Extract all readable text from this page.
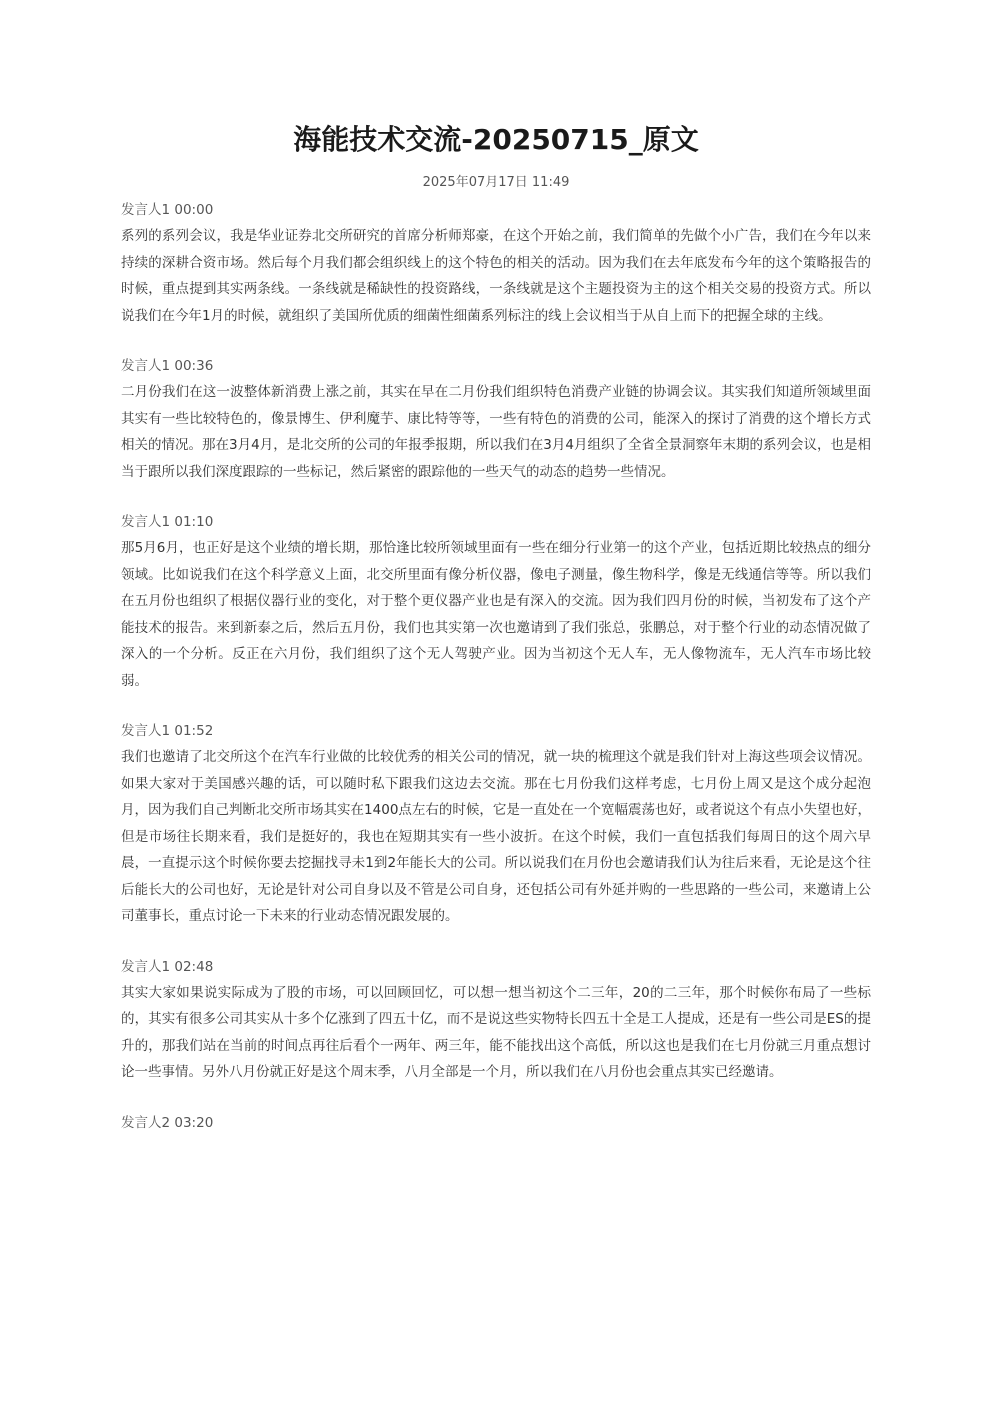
海能技术交流-20250715_原文
2025年07月17日 11:49
发言人1 00:00

系列的系列会议，我是华业证券北交所研究的首席分析师郑豪，在这个开始之前，我们简单的先做个小广告，我们在今年以来持续的深耕合资市场。然后每个月我们都会组织线上的这个特色的相关的活动。因为我们在去年底发布今年的这个策略报告的时候，重点提到其实两条线。一条线就是稀缺性的投资路线，一条线就是这个主题投资为主的这个相关交易的投资方式。所以说我们在今年1月的时候，就组织了美国所优质的细菌性细菌系列标注的线上会议相当于从自上而下的把握全球的主线。

发言人1 00:36

二月份我们在这一波整体新消费上涨之前，其实在早在二月份我们组织特色消费产业链的协调会议。其实我们知道所领域里面其实有一些比较特色的，像景博生、伊利魔芋、康比特等等，一些有特色的消费的公司，能深入的探讨了消费的这个增长方式相关的情况。那在3月4月，是北交所的公司的年报季报期，所以我们在3月4月组织了全省全景洞察年末期的系列会议，也是相当于跟所以我们深度跟踪的一些标记，然后紧密的跟踪他的一些天气的动态的趋势一些情况。

发言人1 01:10

那5月6月，也正好是这个业绩的增长期，那恰逢比较所领域里面有一些在细分行业第一的这个产业，包括近期比较热点的细分领域。比如说我们在这个科学意义上面，北交所里面有像分析仪器，像电子测量，像生物科学，像是无线通信等等。所以我们在五月份也组织了根据仪器行业的变化，对于整个更仪器产业也是有深入的交流。因为我们四月份的时候，当初发布了这个产能技术的报告。来到新泰之后，然后五月份，我们也其实第一次也邀请到了我们张总，张鹏总，对于整个行业的动态情况做了深入的一个分析。反正在六月份，我们组织了这个无人驾驶产业。因为当初这个无人车，无人像物流车，无人汽车市场比较弱。

发言人1 01:52

我们也邀请了北交所这个在汽车行业做的比较优秀的相关公司的情况，就一块的梳理这个就是我们针对上海这些项会议情况。如果大家对于美国感兴趣的话，可以随时私下跟我们这边去交流。那在七月份我们这样考虑，七月份上周又是这个成分起泡月，因为我们自己判断北交所市场其实在1400点左右的时候，它是一直处在一个宽幅震荡也好，或者说这个有点小失望也好，但是市场往长期来看，我们是挺好的，我也在短期其实有一些小波折。在这个时候，我们一直包括我们每周日的这个周六早晨，一直提示这个时候你要去挖掘找寻未1到2年能长大的公司。所以说我们在月份也会邀请我们认为往后来看，无论是这个往后能长大的公司也好，无论是针对公司自身以及不管是公司自身，还包括公司有外延并购的一些思路的一些公司，来邀请上公司董事长，重点讨论一下未来的行业动态情况跟发展的。

发言人1 02:48

其实大家如果说实际成为了股的市场，可以回顾回忆，可以想一想当初这个二三年，20的二三年，那个时候你布局了一些标的，其实有很多公司其实从十多个亿涨到了四五十亿，而不是说这些实物特长四五十全是工人提成，还是有一些公司是ES的提升的，那我们站在当前的时间点再往后看个一两年、两三年，能不能找出这个高低，所以这也是我们在七月份就三月重点想讨论一些事情。另外八月份就正好是这个周末季，八月全部是一个月，所以我们在八月份也会重点其实已经邀请。

发言人2 03:20
